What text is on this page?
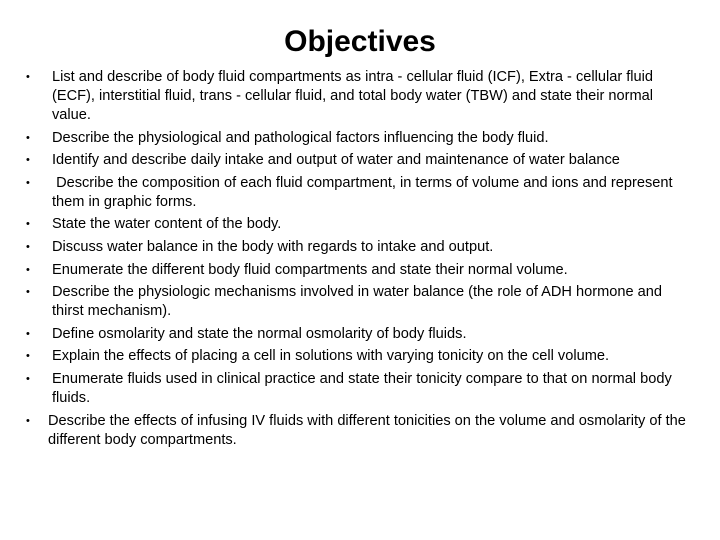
Objectives
•	List and describe of body fluid compartments as intra - cellular fluid (ICF), Extra - cellular fluid (ECF), interstitial fluid, trans - cellular fluid, and total body water (TBW) and state their normal value.
•	Describe the physiological and pathological factors influencing the body fluid.
•	Identify and describe daily intake and output of water and maintenance of water balance
•	Describe the composition of each fluid compartment, in terms of volume and ions and represent them in graphic forms.
•	State the water content of the body.
•	Discuss water balance in the body with regards to intake and output.
•	Enumerate the different body fluid compartments and state their normal volume.
•	Describe the physiologic mechanisms involved in water balance (the role of ADH hormone and thirst mechanism).
•	Define osmolarity and state the normal osmolarity of body fluids.
•	Explain the effects of placing a cell in solutions with varying tonicity on the cell volume.
•	Enumerate fluids used in clinical practice and state their tonicity compare to that on normal body fluids.
•	Describe the effects of infusing IV fluids with different tonicities on the volume and osmolarity of the different body compartments.
